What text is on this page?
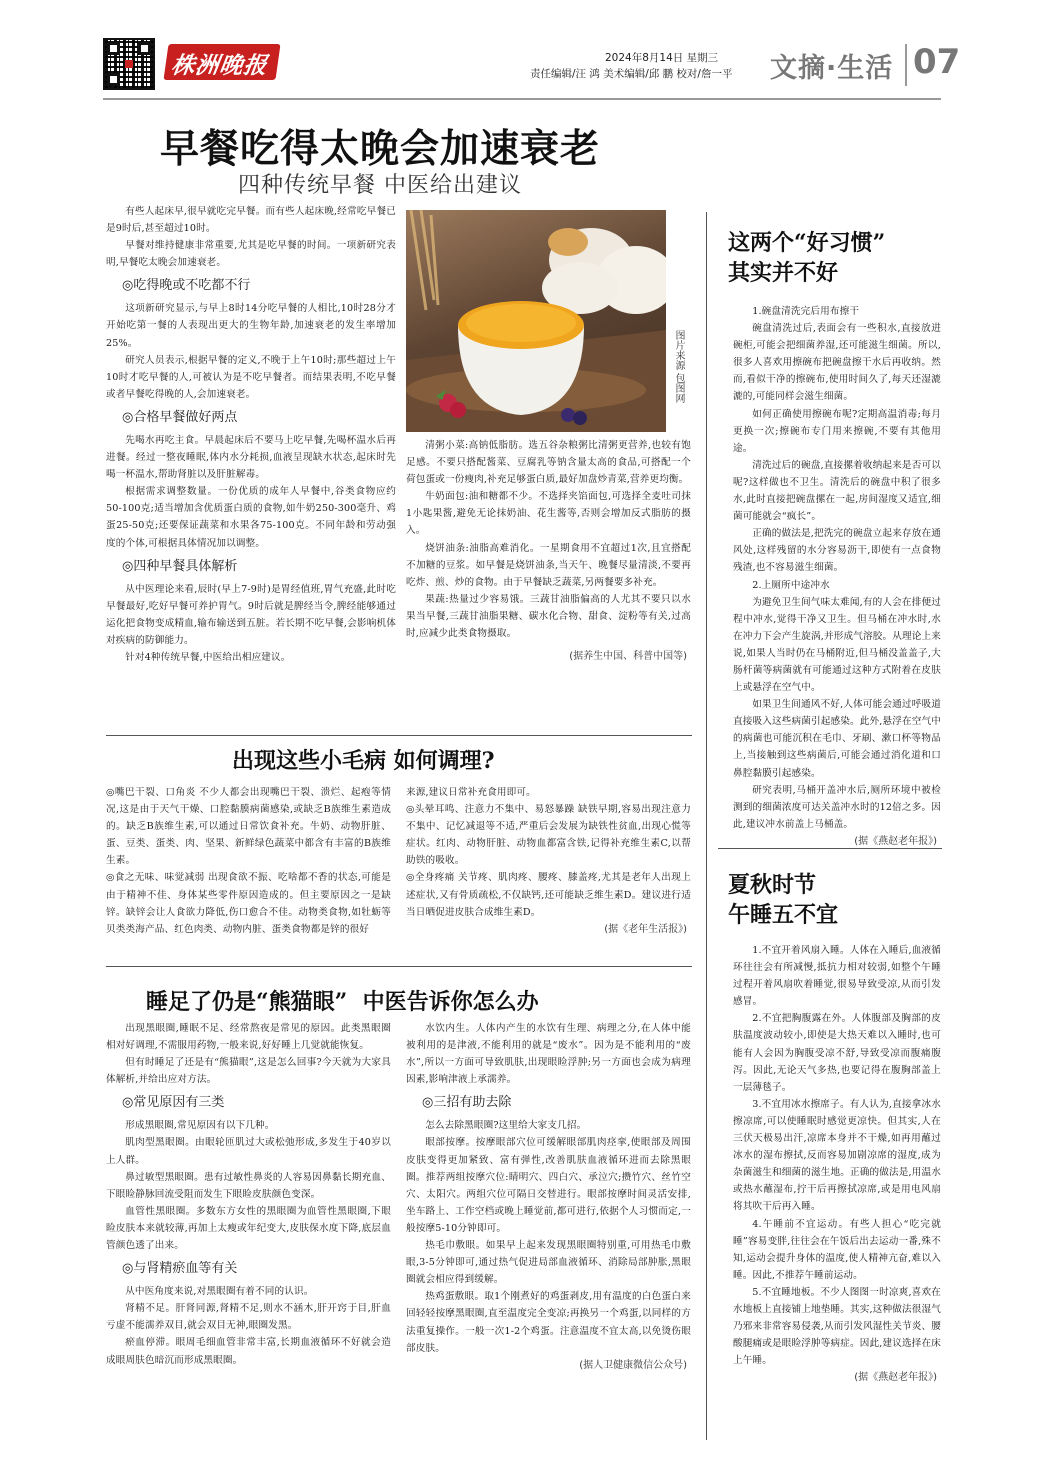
株洲晚报	2024年8月14日 星期三
责任编辑/汪 鸿 美术编辑/邱 鹏 校对/詹一平	文摘·生活 07
早餐吃得太晚会加速衰老
四种传统早餐 中医给出建议

有些人起床早,很早就吃完早餐。而有些人起床晚,经常吃早餐已是9时后,甚至超过10时。

早餐对维持健康非常重要,尤其是吃早餐的时间。一项新研究表明,早餐吃太晚会加速衰老。

◎吃得晚或不吃都不行

这项新研究显示,与早上8时14分吃早餐的人相比,10时28分才开始吃第一餐的人表现出更大的生物年龄,加速衰老的发生率增加25%。

研究人员表示,根据早餐的定义,不晚于上午10时;那些超过上午10时才吃早餐的人,可被认为是不吃早餐者。而结果表明,不吃早餐或者早餐吃得晚的人,会加速衰老。

◎合格早餐做好两点

先喝水再吃主食。早晨起床后不要马上吃早餐,先喝杯温水后再进餐。经过一整夜睡眠,体内水分耗损,血液呈现缺水状态,起床时先喝一杯温水,帮助肾脏以及肝脏解毒。

根据需求调整数量。一份优质的成年人早餐中,谷类食物应约50-100克;适当增加含优质蛋白质的食物,如牛奶250-300毫升、鸡蛋25-50克;还要保证蔬菜和水果各75-100克。不同年龄和劳动强度的个体,可根据具体情况加以调整。

◎四种早餐具体解析

从中医理论来看,辰时(早上7-9时)是胃经值班,胃气充盛,此时吃早餐最好,吃好早餐可养护胃气。9时后就是脾经当令,脾经能够通过运化把食物变成精血,输布输送到五脏。若长期不吃早餐,会影响机体对疾病的防御能力。

针对4种传统早餐,中医给出相应建议。

图片来源 包图网

清粥小菜:高钠低脂肪。选五谷杂粮粥比清粥更营养,也较有饱足感。不要只搭配酱菜、豆腐乳等钠含量太高的食品,可搭配一个荷包蛋或一份瘦肉,补充足够蛋白质,最好加盘炒青菜,营养更均衡。

牛奶面包:油和糖都不少。不选择夹馅面包,可选择全麦吐司抹1小匙果酱,避免无论抹奶油、花生酱等,否则会增加反式脂肪的摄入。

烧饼油条:油脂高难消化。一星期食用不宜超过1次,且宜搭配不加糖的豆浆。如早餐是烧饼油条,当天午、晚餐尽量清淡,不要再吃炸、煎、炒的食物。由于早餐缺乏蔬菜,另两餐要多补充。

果蔬:热量过少容易饿。三蔬甘油脂偏高的人尤其不要只以水果当早餐,三蔬甘油脂果糖、碳水化合物、甜食、淀粉等有关,过高时,应减少此类食物摄取。

(据养生中国、科普中国等)
出现这些小毛病 如何调理?

◎嘴巴干裂、口角炎 不少人都会出现嘴巴干裂、溃烂、起疱等情况,这是由于天气干燥、口腔黏膜病菌感染,或缺乏B族维生素造成的。缺乏B族维生素,可以通过日常饮食补充。牛奶、动物肝脏、蛋、豆类、蛋类、肉、坚果、新鲜绿色蔬菜中都含有丰富的B族维生素。

◎食之无味、味觉减弱 出现食欲不振、吃啥都不香的状态,可能是由于精神不佳、身体某些零件原因造成的。但主要原因之一是缺锌。缺锌会让人食欲力降低,伤口愈合不佳。动物类食物,如牡蛎等贝类类海产品、红色肉类、动物内脏、蛋类食物都是锌的很好

来源,建议日常补充食用即可。

◎头晕耳鸣、注意力不集中、易怒暴躁 缺铁早期,容易出现注意力不集中、记忆减退等不适,严重后会发展为缺铁性贫血,出现心慌等症状。红肉、动物肝脏、动物血都富含铁,记得补充维生素C,以帮助铁的吸收。

◎全身疼痛 关节疼、肌肉疼、腰疼、膝盖疼,尤其是老年人出现上述症状,又有骨质疏松,不仅缺钙,还可能缺乏维生素D。建议进行适当日晒促进皮肤合成维生素D。

(据《老年生活报》)
睡足了仍是“熊猫眼”  中医告诉你怎么办

出现黑眼圈,睡眠不足、经常熬夜是常见的原因。此类黑眼圈相对好调理,不需服用药物,一般来说,好好睡上几觉就能恢复。

但有时睡足了还是有“熊猫眼”,这是怎么回事?今天就为大家具体解析,并给出应对方法。

◎常见原因有三类

形成黑眼圈,常见原因有以下几种。

肌肉型黑眼圈。由眼轮匝肌过大或松弛形成,多发生于40岁以上人群。

鼻过敏型黑眼圈。患有过敏性鼻炎的人容易因鼻黏长期充血、下眼睑静脉回流受阻而发生下眼睑皮肤颜色变深。

血管性黑眼圈。多数东方女性的黑眼圈为血管性黑眼圈,下眼睑皮肤本来就较薄,再加上太瘦或年纪变大,皮肤保水度下降,底层血管颜色透了出来。

◎与肾精瘀血等有关

从中医角度来说,对黑眼圈有着不同的认识。

肾精不足。肝肾同源,肾精不足,则水不涵木,肝开窍于目,肝血亏虚不能濡养双目,就会双目无神,眼圈发黑。

瘀血停滞。眼周毛细血管非常丰富,长期血液循环不好就会造成眼周肤色暗沉而形成黑眼圈。

水饮内生。人体内产生的水饮有生理、病理之分,在人体中能被利用的是津液,不能利用的就是“废水”。因为是不能利用的“废水”,所以一方面可导致肌肤,出现眼睑浮肿;另一方面也会成为病理因素,影响津液上承濡养。

◎三招有助去除

怎么去除黑眼圈?这里给大家支几招。

眼部按摩。按摩眼部穴位可缓解眼部肌肉痉挛,使眼部及周围皮肤变得更加紧致、富有弹性,改善肌肤血液循环进而去除黑眼圈。推荐两组按摩穴位:睛明穴、四白穴、承泣穴;攒竹穴、丝竹空穴、太阳穴。两组穴位可隔日交替进行。眼部按摩时间灵活安排,坐车路上、工作空档或晚上睡觉前,都可进行,依据个人习惯而定,一般按摩5-10分钟即可。

热毛巾敷眼。如果早上起来发现黑眼圈特别重,可用热毛巾敷眼,3-5分钟即可,通过热气促进局部血液循环、消除局部肿胀,黑眼圈就会相应得到缓解。

热鸡蛋敷眼。取1个刚煮好的鸡蛋剥皮,用有温度的白色蛋白来回轻轻按摩黑眼圈,直至温度完全变凉;再换另一个鸡蛋,以同样的方法重复操作。一般一次1-2个鸡蛋。注意温度不宜太高,以免烫伤眼部皮肤。

(据人卫健康微信公众号)
这两个“好习惯”
其实并不好

1.碗盘清洗完后用布擦干

碗盘清洗过后,表面会有一些积水,直接放进碗柜,可能会把细菌养湿,还可能滋生细菌。所以,很多人喜欢用擦碗布把碗盘擦干水后再收纳。然而,看似干净的擦碗布,使用时间久了,每天还湿漉漉的,可能同样会滋生细菌。

如何正确使用擦碗布呢?定期高温消毒;每月更换一次;擦碗布专门用来擦碗,不要有其他用途。

清洗过后的碗盘,直接摞着收纳起来是否可以呢?这样做也不卫生。清洗后的碗盘中积了很多水,此时直接把碗盘摞在一起,房间湿度又适宜,细菌可能就会“疯长”。

正确的做法是,把洗完的碗盘立起来存放在通风处,这样残留的水分容易沥干,即使有一点食物残渣,也不容易滋生细菌。

2.上厕所中途冲水

为避免卫生间气味太难闻,有的人会在排便过程中冲水,觉得干净又卫生。但马桶在冲水时,水在冲力下会产生旋涡,并形成气溶胶。从理论上来说,如果人当时仍在马桶附近,但马桶没盖盖子,大肠杆菌等病菌就有可能通过这种方式附着在皮肤上或悬浮在空气中。

如果卫生间通风不好,人体可能会通过呼吸道直接吸入这些病菌引起感染。此外,悬浮在空气中的病菌也可能沉积在毛巾、牙刷、漱口杯等物品上,当接触到这些病菌后,可能会通过消化道和口鼻腔黏膜引起感染。

研究表明,马桶开盖冲水后,厕所环境中被检测到的细菌浓度可达关盖冲水时的12倍之多。因此,建议冲水前盖上马桶盖。

(据《燕赵老年报》)
夏秋时节
午睡五不宜

1.不宜开着风扇入睡。人体在入睡后,血液循环往往会有所减慢,抵抗力相对较弱,如整个午睡过程开着风扇吹着睡觉,很易导致受凉,从而引发感冒。

2.不宜把胸腹露在外。人体腹部及胸部的皮肤温度波动较小,即使是大热天难以入睡时,也可能有人会因为胸腹受凉不舒,导致受凉而腹痛腹泻。因此,无论天气多热,也要记得在腹胸部盖上一层薄毯子。

3.不宜用冰水擦席子。有人认为,直接拿冰水擦凉席,可以使睡眠时感觉更凉快。但其实,人在三伏天极易出汗,凉席本身并不干燥,如再用蘸过冰水的湿布擦拭,反而容易加剧凉席的湿度,成为杂菌滋生和细菌的滋生地。正确的做法是,用温水或热水蘸湿布,拧干后再擦拭凉席,或是用电风扇将其吹干后再入睡。

4.午睡前不宜运动。有些人担心“吃完就睡”容易变胖,往往会在午饭后出去运动一番,殊不知,运动会提升身体的温度,使人精神亢奋,难以入睡。因此,不推荐午睡前运动。

5.不宜睡地板。不少人图图一时凉爽,喜欢在水地板上直接铺上地垫睡。其实,这种做法很湿气乃邪来非常容易侵袭,从而引发风湿性关节炎、腰酸腿痛或是眼睑浮肿等病症。因此,建议选择在床上午睡。

(据《燕赵老年报》)
